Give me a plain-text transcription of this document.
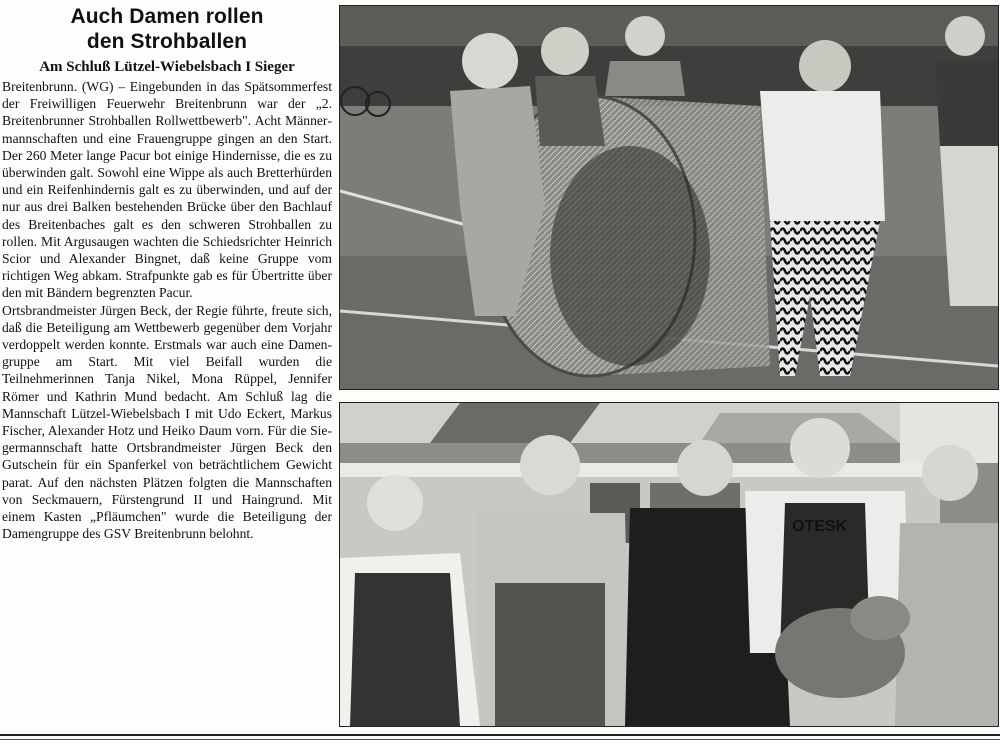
Auch Damen rollen
den Strohballen
Am Schluß Lützel-Wiebelsbach I Sieger

Breitenbrunn. (WG) – Eingebunden in das Spätsommerfest der Freiwilligen Feuerwehr Breitenbrunn war der „2. Breitenbrunner Strohballen Rollwettbewerb". Acht Männermannschaften und eine Frauengruppe gingen an den Start. Der 260 Meter lange Pacur bot einige Hindernisse, die es zu überwinden galt. Sowohl eine Wippe als auch Bretterhürden und ein Reifenhindernis galt es zu überwinden, und auf der nur aus drei Balken bestehenden Brücke über den Bachlauf des Breitenbaches galt es den schweren Strohballen zu rollen. Mit Argusaugen wachten die Schiedsrichter Heinrich Scior und Alexander Bingnet, daß keine Gruppe vom richtigen Weg abkam. Strafpunkte gab es für Übertritte über den mit Bändern begrenzten Pacur.

Ortsbrandmeister Jürgen Beck, der Regie führte, freute sich, daß die Beteiligung am Wettbewerb gegenüber dem Vorjahr verdoppelt werden konnte. Erstmals war auch eine Damengruppe am Start. Mit viel Beifall wurden die Teilnehmerinnen Tanja Nikel, Mona Rüppel, Jennifer Römer und Kathrin Mund bedacht. Am Schluß lag die Mannschaft Lützel-Wiebelsbach I mit Udo Eckert, Markus Fischer, Alexander Hotz und Heiko Daum vorn. Für die Siegermannschaft hatte Ortsbrandmeister Jürgen Beck den Gutschein für ein Spanferkel von beträchtlichem Gewicht parat. Auf den nächsten Plätzen folgten die Mannschaften von Seckmauern, Fürstengrund II und Haingrund. Mit einem Kasten „Pfläumchen" wurde die Beteiligung der Damengruppe des GSV Breitenbrunn belohnt.	OTESK
